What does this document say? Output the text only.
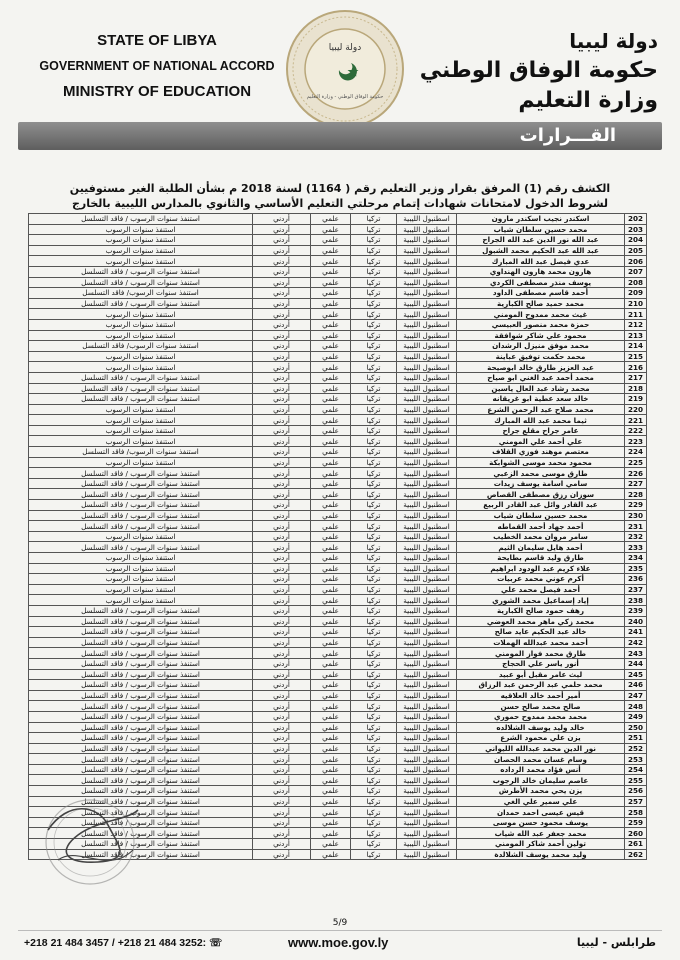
STATE OF LIBYA
GOVERNMENT OF NATIONAL ACCORD
MINISTRY OF EDUCATION
دولة ليبيا
حكومة الوفاق الوطني - وزارة التعليم
دولة ليبيا
حكومة الوفاق الوطني
وزارة التعليم
القـــرارات
الكشف رقم (1) المرفق بقرار وزير التعليم رقم ( 1164) لسنة 2018 م بشأن الطلبة الغير مستوفيين
لشروط الدخول لامتحانات شهادات إتمام مرحلتي التعليم الأساسي والثانوي بالمدارس الليبية بالخارج
استنفذ سنوات الرسوب / فاقد التسلسل	أردني	علمي	تركيا	اسطنبول الليبية	اسكندر نجيب اسكندر مارون	202
استنفذ سنوات الرسوب	أردني	علمي	تركيا	اسطنبول الليبية	محمد حسين سلطان شياب	203
استنفذ سنوات الرسوب	أردني	علمي	تركيا	اسطنبول الليبية	عبد الله نور الدين عبد الله الجراح	204
استنفذ سنوات الرسوب	أردني	علمي	تركيا	اسطنبول الليبية	عبد الله عبد الحكيم محمد الشبول	205
استنفذ سنوات الرسوب	أردني	علمي	تركيا	اسطنبول الليبية	عدي فيصل عبد الله المبارك	206
استنفذ سنوات الرسوب / فاقد التسلسل	أردني	علمي	تركيا	اسطنبول الليبية	هارون محمد هارون الهنداوي	207
استنفذ سنوات الرسوب / فاقد التسلسل	أردني	علمي	تركيا	اسطنبول الليبية	يوسف منذر مصطفى الكردي	208
استنفذ سنوات الرسوب/ فاقد التسلسل	أردني	علمي	تركيا	اسطنبول الليبية	أحمد قاسم مصطفى الداود	209
استنفذ سنوات الرسوب / فاقد التسلسل	أردني	علمي	تركيا	اسطنبول الليبية	محمد حميد صالح الكبارية	210
استنفذ سنوات الرسوب	أردني	علمي	تركيا	اسطنبول الليبية	غيث محمد ممدوح المومني	211
استنفذ سنوات الرسوب	أردني	علمي	تركيا	اسطنبول الليبية	حمزة محمد منصور العبيسي	212
استنفذ سنوات الرسوب	أردني	علمي	تركيا	اسطنبول الليبية	محمود علي شاكر شوافقة	213
استنفذ سنوات الرسوب/ فاقد التسلسل	أردني	علمي	تركيا	اسطنبول الليبية	محمد موفق منيزل الرشدان	214
استنفذ سنوات الرسوب	أردني	علمي	تركيا	اسطنبول الليبية	محمد حكمت توفيق عباينة	215
استنفذ سنوات الرسوب	أردني	علمي	تركيا	اسطنبول الليبية	عبد العزيز طارق خالد ابوصيحة	216
استنفذ سنوات الرسوب / فاقد التسلسل	أردني	علمي	تركيا	اسطنبول الليبية	محمد أحمد عبد الغني ابو صياح	217
استنفذ سنوات الرسوب / فاقد التسلسل	أردني	علمي	تركيا	اسطنبول الليبية	محمد رشاد عبد العال ياسين	218
استنفذ سنوات الرسوب / فاقد التسلسل	أردني	علمي	تركيا	اسطنبول الليبية	خالد سعد عطية ابو غريقانه	219
استنفذ سنوات الرسوب	أردني	علمي	تركيا	اسطنبول الليبية	محمد صلاح عبد الرحمن الشرع	220
استنفذ سنوات الرسوب	أردني	علمي	تركيا	اسطنبول الليبية	ثيما محمد عبد الله المبارك	221
استنفذ سنوات الرسوب	أردني	علمي	تركيا	اسطنبول الليبية	عامر جراح مقلع جراح	222
استنفذ سنوات الرسوب	أردني	علمي	تركيا	اسطنبول الليبية	علي أحمد علي المومني	223
استنفذ سنوات الرسوب/ فاقد التسلسل	أردني	علمي	تركيا	اسطنبول الليبية	معتصم موهند فوزي القلاف	224
استنفذ سنوات الرسوب	أردني	علمي	تركيا	اسطنبول الليبية	محمود محمد موسى الشوابكة	225
استنفذ سنوات الرسوب / فاقد التسلسل	أردني	علمي	تركيا	اسطنبول الليبية	طارق موسى محمد الزعبي	226
استنفذ سنوات الرسوب / فاقد التسلسل	أردني	علمي	تركيا	اسطنبول الليبية	سامي اسامة يوسف زيدات	227
استنفذ سنوات الرسوب / فاقد التسلسل	أردني	علمي	تركيا	اسطنبول الليبية	سوزان رزق مصطفى القصاص	228
استنفذ سنوات الرسوب / فاقد التسلسل	أردني	علمي	تركيا	اسطنبول الليبية	عبد القادر وائل عبد القادر الربيع	229
استنفذ سنوات الرسوب / فاقد التسلسل	أردني	علمي	تركيا	اسطنبول الليبية	محمد حسين سلطان شياب	230
استنفذ سنوات الرسوب / فاقد التسلسل	أردني	علمي	تركيا	اسطنبول الليبية	أحمد جهاد أحمد القماطه	231
استنفذ سنوات الرسوب	أردني	علمي	تركيا	اسطنبول الليبية	سامر مروان محمد الخطيب	232
استنفذ سنوات الرسوب / فاقد التسلسل	أردني	علمي	تركيا	اسطنبول الليبية	أحمد هايل سليمان الثيم	233
استنفذ سنوات الرسوب	أردني	علمي	تركيا	اسطنبول الليبية	طارق وليد قاسم بطايحة	234
استنفذ سنوات الرسوب	أردني	علمي	تركيا	اسطنبول الليبية	علاء كريم عبد الودود ابراهيم	235
استنفذ سنوات الرسوب	أردني	علمي	تركيا	اسطنبول الليبية	أكرم عوني محمد عربيات	236
استنفذ سنوات الرسوب	أردني	علمي	تركيا	اسطنبول الليبية	أحمد فيصل محمد علي	237
استنفذ سنوات الرسوب	أردني	علمي	تركيا	اسطنبول الليبية	إياد إسماعيل محمد الشوري	238
استنفذ سنوات الرسوب / فاقد التسلسل	أردني	علمي	تركيا	اسطنبول الليبية	رهف حمود صالح الكبارية	239
استنفذ سنوات الرسوب / فاقد التسلسل	أردني	علمي	تركيا	اسطنبول الليبية	محمد زكي ماهر محمد العوضي	240
استنفذ سنوات الرسوب / فاقد التسلسل	أردني	علمي	تركيا	اسطنبول الليبية	خالد عبد الحكيم عايد صالح	241
استنفذ سنوات الرسوب / فاقد التسلسل	أردني	علمي	تركيا	اسطنبول الليبية	أحمد محمد عبدالله الهملات	242
استنفذ سنوات الرسوب / فاقد التسلسل	أردني	علمي	تركيا	اسطنبول الليبية	طارق محمد فواز المومني	243
استنفذ سنوات الرسوب / فاقد التسلسل	أردني	علمي	تركيا	اسطنبول الليبية	أنور ياسر علي الحجاج	244
استنفذ سنوات الرسوب / فاقد التسلسل	أردني	علمي	تركيا	اسطنبول الليبية	ليث عامر مقبل أبو عبيد	245
استنفذ سنوات الرسوب / فاقد التسلسل	أردني	علمي	تركيا	اسطنبول الليبية	محمد حلمي عبد الرحمن عبد الرزاق	246
استنفذ سنوات الرسوب / فاقد التسلسل	أردني	علمي	تركيا	اسطنبول الليبية	أمير أحمد خالد العلاقيه	247
استنفذ سنوات الرسوب / فاقد التسلسل	أردني	علمي	تركيا	اسطنبول الليبية	صالح محمد صالح حسن	248
استنفذ سنوات الرسوب / فاقد التسلسل	أردني	علمي	تركيا	اسطنبول الليبية	محمد محمد ممدوح حموري	249
استنفذ سنوات الرسوب / فاقد التسلسل	أردني	علمي	تركيا	اسطنبول الليبية	خالد وليد يوسف الشلالده	250
استنفذ سنوات الرسوب / فاقد التسلسل	أردني	علمي	تركيا	اسطنبول الليبية	يزن علي محمود الشرع	251
استنفذ سنوات الرسوب / فاقد التسلسل	أردني	علمي	تركيا	اسطنبول الليبية	نور الدين محمد عبدالله الليواني	252
استنفذ سنوات الرسوب / فاقد التسلسل	أردني	علمي	تركيا	اسطنبول الليبية	وسام غسان محمد الحصان	253
استنفذ سنوات الرسوب / فاقد التسلسل	أردني	علمي	تركيا	اسطنبول الليبية	أنس فؤاد محمد الرداده	254
استنفذ سنوات الرسوب / فاقد التسلسل	أردني	علمي	تركيا	اسطنبول الليبية	عاصم سليمان خالد الرجوب	255
استنفذ سنوات الرسوب / فاقد التسلسل	أردني	علمي	تركيا	اسطنبول الليبية	يزن يحي محمد الأطرش	256
استنفذ سنوات الرسوب / فاقد التسلسل	أردني	علمي	تركيا	اسطنبول الليبية	علي سمير علي الغي	257
استنفذ سنوات الرسوب / فاقد التسلسل	أردني	علمي	تركيا	اسطنبول الليبية	قيس عيسى احمد حمدان	258
استنفذ سنوات الرسوب / فاقد التسلسل	أردني	علمي	تركيا	اسطنبول الليبية	يوسف محمود حسن موسى	259
استنفذ سنوات الرسوب / فاقد التسلسل	أردني	علمي	تركيا	اسطنبول الليبية	محمد جعفر عبد الله شياب	260
استنفذ سنوات الرسوب / فاقد التسلسل	أردني	علمي	تركيا	اسطنبول الليبية	تولين أحمد شاكر المومني	261
استنفذ سنوات الرسوب / فاقد التسلسل	أردني	علمي	تركيا	اسطنبول الليبية	وليد محمد يوسف الشلالدة	262
5/9
+218 21 484 3457 / +218 21 484 3252: ☏	www.moe.gov.ly	طرابلس - ليبيا
